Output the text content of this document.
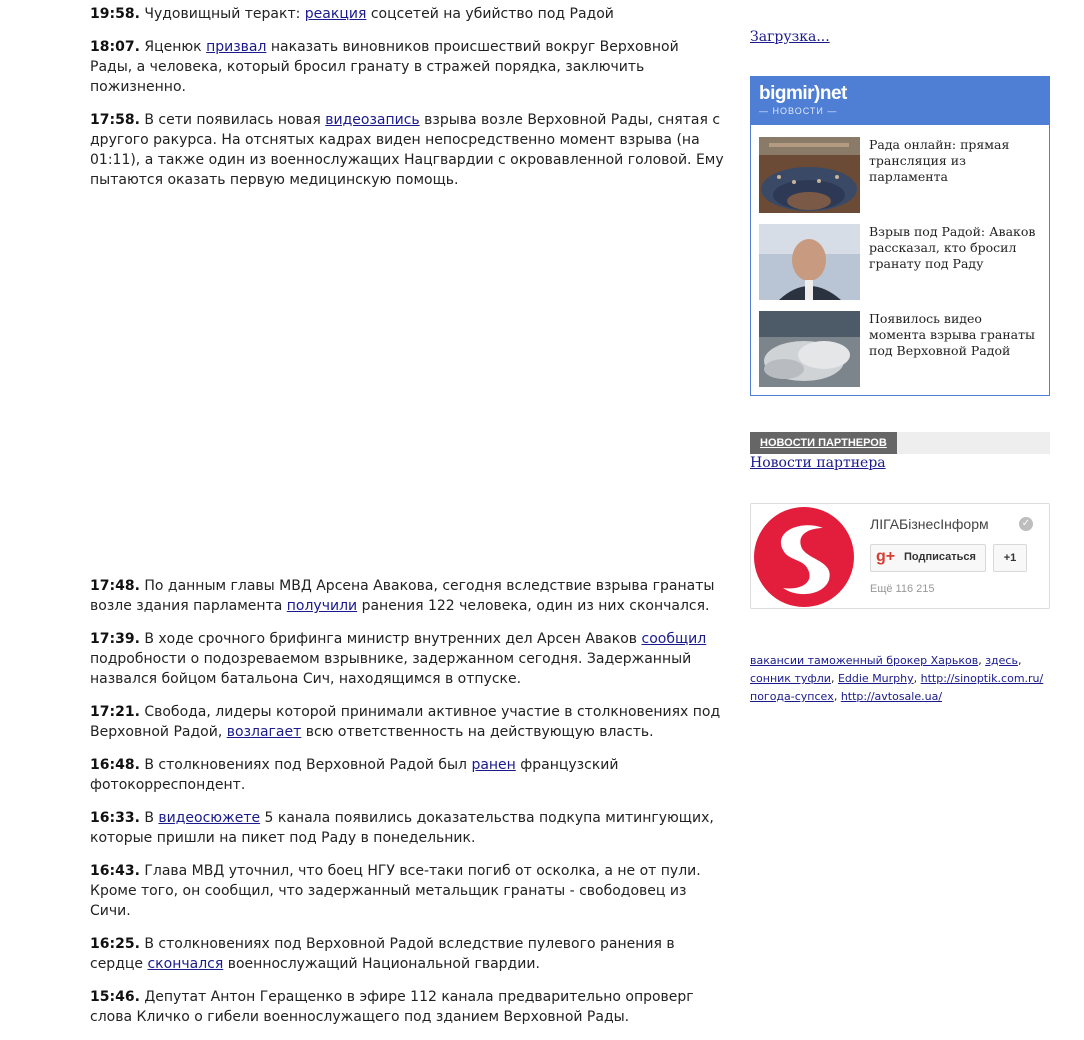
19:58. Чудовищный теракт: реакция соцсетей на убийство под Радой

18:07. Яценюк призвал наказать виновников происшествий вокруг Верховной Рады, а человека, который бросил гранату в стражей порядка, заключить пожизненно.

17:58. В сети появилась новая видеозапись взрыва возле Верховной Рады, снятая с другого ракурса. На отснятых кадрах виден непосредственно момент взрыва (на 01:11), а также один из военнослужащих Нацгвардии с окровавленной головой. Ему пытаются оказать первую медицинскую помощь.

17:48. По данным главы МВД Арсена Авакова, сегодня вследствие взрыва гранаты возле здания парламента получили ранения 122 человека, один из них скончался.

17:39. В ходе срочного брифинга министр внутренних дел Арсен Аваков сообщил подробности о подозреваемом взрывнике, задержанном сегодня. Задержанный назвался бойцом батальона Сич, находящимся в отпуске.

17:21. Свобода, лидеры которой принимали активное участие в столкновениях под Верховной Радой, возлагает всю ответственность на действующую власть.

16:48. В столкновениях под Верховной Радой был ранен французский фотокорреспондент.

16:33. В видеосюжете 5 канала появились доказательства подкупа митингующих, которые пришли на пикет под Раду в понедельник.

16:43. Глава МВД уточнил, что боец НГУ все-таки погиб от осколка, а не от пули. Кроме того, он сообщил, что задержанный метальщик гранаты - свободовец из Сичи.

16:25. В столкновениях под Верховной Радой вследствие пулевого ранения в сердце скончался военнослужащий Национальной гвардии.

15:46. Депутат Антон Геращенко в эфире 112 канала предварительно опроверг слова Кличко о гибели военнослужащего под зданием Верховной Рады.

Загрузка...
bigmir)net
— НОВОСТИ —
Рада онлайн: прямая трансляция из парламента
Взрыв под Радой: Аваков рассказал, кто бросил гранату под Раду
Появилось видео момента взрыва гранаты под Верховной Радой
НОВОСТИ ПАРТНЕРОВ
Новости партнера
ЛIГАБiзнесIнформ	✓
g+ Подписаться	+1
Ещё 116 215
вакансии таможенный брокер Харьков, здесь,
сонник туфли, Eddie Murphy, http://sinoptik.com.ru/
погода-супсех, http://avtosale.ua/
